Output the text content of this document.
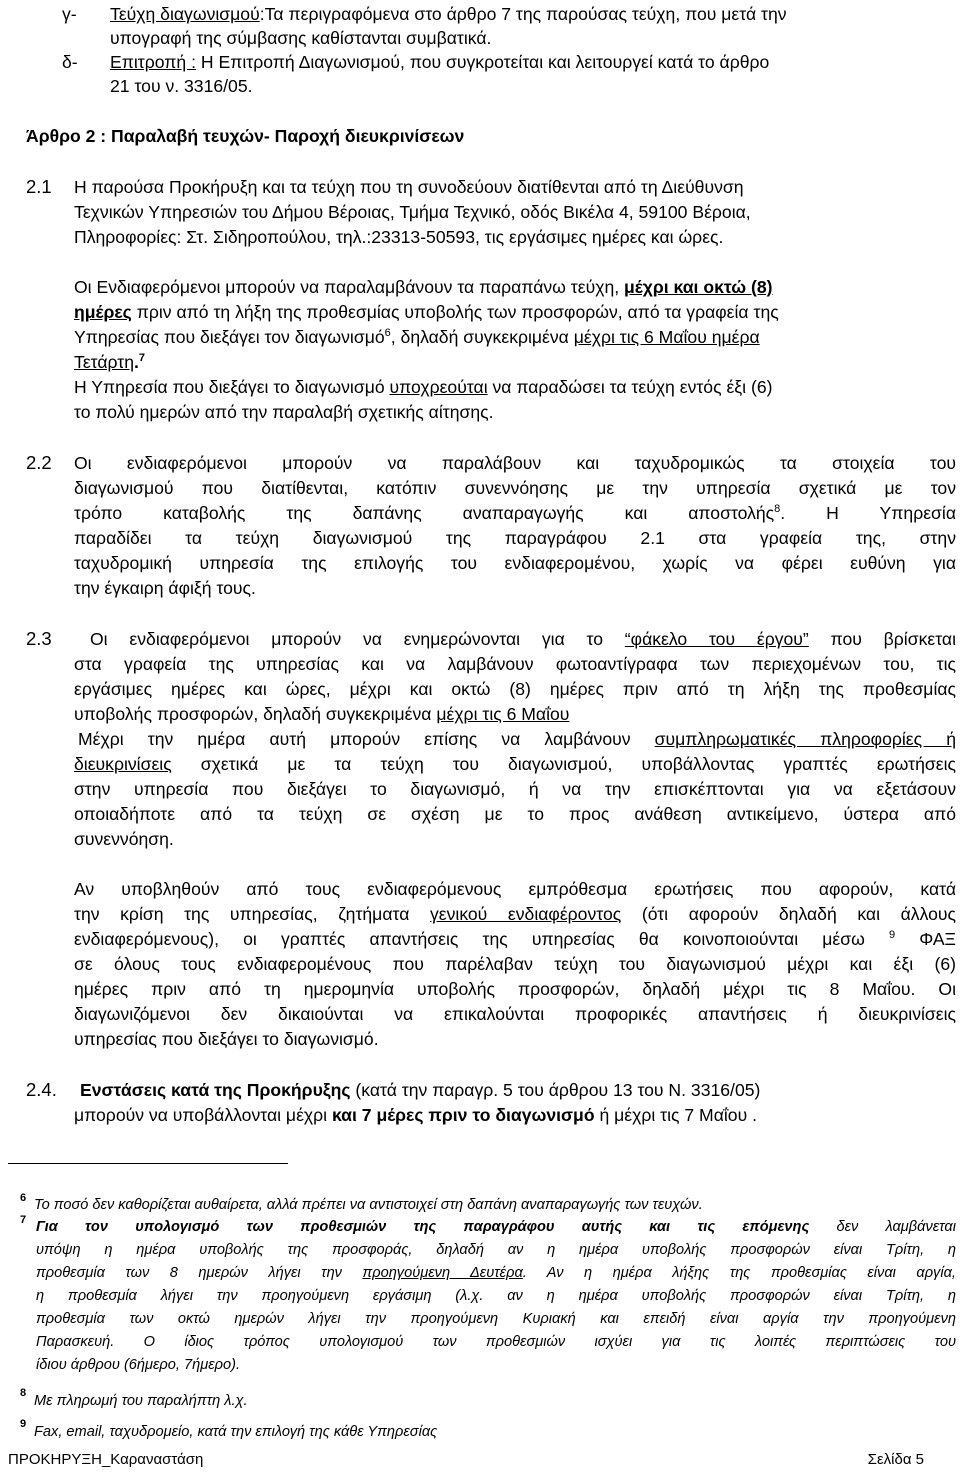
γ- Τεύχη διαγωνισμού:Τα περιγραφόμενα στο άρθρο 7 της παρούσας τεύχη, που μετά την
υπογραφή της σύμβασης καθίστανται συμβατικά.
δ- Επιτροπή : Η Επιτροπή Διαγωνισμού, που συγκροτείται και λειτουργεί κατά το άρθρο
21 του ν. 3316/05.
Άρθρο 2 : Παραλαβή τευχών- Παροχή διευκρινίσεων
2.1 Η παρούσα Προκήρυξη και τα τεύχη που τη συνοδεύουν διατίθενται από τη Διεύθυνση
Τεχνικών Υπηρεσιών του Δήμου Βέροιας, Τμήμα Τεχνικό, οδός Βικέλα 4, 59100 Βέροια,
Πληροφορίες: Στ. Σιδηροπούλου, τηλ.:23313-50593, τις εργάσιμες ημέρες και ώρες.
Οι Ενδιαφερόμενοι μπορούν να παραλαμβάνουν τα παραπάνω τεύχη, μέχρι και οκτώ (8)
ημέρες πριν από τη λήξη της προθεσμίας υποβολής των προσφορών, από τα γραφεία της
Υπηρεσίας που διεξάγει τον διαγωνισμό$^6$, δηλαδή συγκεκριμένα μέχρι τις 6 Μαΐου ημέρα
Τετάρτη.$^7$
Η Υπηρεσία που διεξάγει το διαγωνισμό υποχρεούται να παραδώσει τα τεύχη εντός έξι (6)
το πολύ ημερών από την παραλαβή σχετικής αίτησης.
2.2 Οι ενδιαφερόμενοι μπορούν να παραλάβουν και ταχυδρομικώς τα στοιχεία του
διαγωνισμού που διατίθενται, κατόπιν συνεννόησης με την υπηρεσία σχετικά με τον
τρόπο καταβολής της δαπάνης αναπαραγωγής και αποστολής$^8$. Η Υπηρεσία
παραδίδει τα τεύχη διαγωνισμού της παραγράφου 2.1 στα γραφεία της, στην
ταχυδρομική υπηρεσία της επιλογής του ενδιαφερομένου, χωρίς να φέρει ευθύνη για
την έγκαιρη άφιξή τους.
2.3 Οι ενδιαφερόμενοι μπορούν να ενημερώνονται για το “φάκελο του έργου” που βρίσκεται
στα γραφεία της υπηρεσίας και να λαμβάνουν φωτοαντίγραφα των περιεχομένων του, τις
εργάσιμες ημέρες και ώρες, μέχρι και οκτώ (8) ημέρες πριν από τη λήξη της προθεσμίας
υποβολής προσφορών, δηλαδή συγκεκριμένα μέχρι τις 6 Μαΐου
Μέχρι την ημέρα αυτή μπορούν επίσης να λαμβάνουν συμπληρωματικές πληροφορίες ή
διευκρινίσεις σχετικά με τα τεύχη του διαγωνισμού, υποβάλλοντας γραπτές ερωτήσεις
στην υπηρεσία που διεξάγει το διαγωνισμό, ή να την επισκέπτονται για να εξετάσουν
οποιαδήποτε από τα τεύχη σε σχέση με το προς ανάθεση αντικείμενο, ύστερα από
συνεννόηση.
Αν υποβληθούν από τους ενδιαφερόμενους εμπρόθεσμα ερωτήσεις που αφορούν, κατά
την κρίση της υπηρεσίας, ζητήματα γενικού ενδιαφέροντος (ότι αφορούν δηλαδή και άλλους
ενδιαφερόμενους), οι γραπτές απαντήσεις της υπηρεσίας θα κοινοποιούνται μέσω $^9$ ΦΑΞ
σε όλους τους ενδιαφερομένους που παρέλαβαν τεύχη του διαγωνισμού μέχρι και έξι (6)
ημέρες πριν από τη ημερομηνία υποβολής προσφορών, δηλαδή μέχρι τις 8 Μαΐου. Οι
διαγωνιζόμενοι δεν δικαιούνται να επικαλούνται προφορικές απαντήσεις ή διευκρινίσεις
υπηρεσίας που διεξάγει το διαγωνισμό.
2.4. Ενστάσεις κατά της Προκήρυξης (κατά την παραγρ. 5 του άρθρου 13 του Ν. 3316/05)
μπορούν να υποβάλλονται μέχρι και 7 μέρες πριν το διαγωνισμό ή μέχρι τις 7 Μαΐου .
6 Το ποσό δεν καθορίζεται αυθαίρετα, αλλά πρέπει να αντιστοιχεί στη δαπάνη αναπαραγωγής των τευχών.
7 Για τον υπολογισμό των προθεσμιών της παραγράφου αυτής και τις επόμενης δεν λαμβάνεται
υπόψη η ημέρα υποβολής της προσφοράς, δηλαδή αν η ημέρα υποβολής προσφορών είναι Τρίτη, η
προθεσμία των 8 ημερών λήγει την προηγούμενη Δευτέρα. Αν η ημέρα λήξης της προθεσμίας είναι αργία,
η προθεσμία λήγει την προηγούμενη εργάσιμη (λ.χ. αν η ημέρα υποβολής προσφορών είναι Τρίτη, η
προθεσμία των οκτώ ημερών λήγει την προηγούμενη Κυριακή και επειδή είναι αργία την προηγούμενη
Παρασκευή. Ο ίδιος τρόπος υπολογισμού των προθεσμιών ισχύει για τις λοιπές περιπτώσεις του
ίδιου άρθρου (6ήμερο, 7ήμερο).
8 Με πληρωμή του παραλήπτη λ.χ.
9 Fax, email, ταχυδρομείο, κατά την επιλογή της κάθε Υπηρεσίας
ΠΡΟΚΗΡΥΞΗ_Καραναστάση	Σελίδα 5
